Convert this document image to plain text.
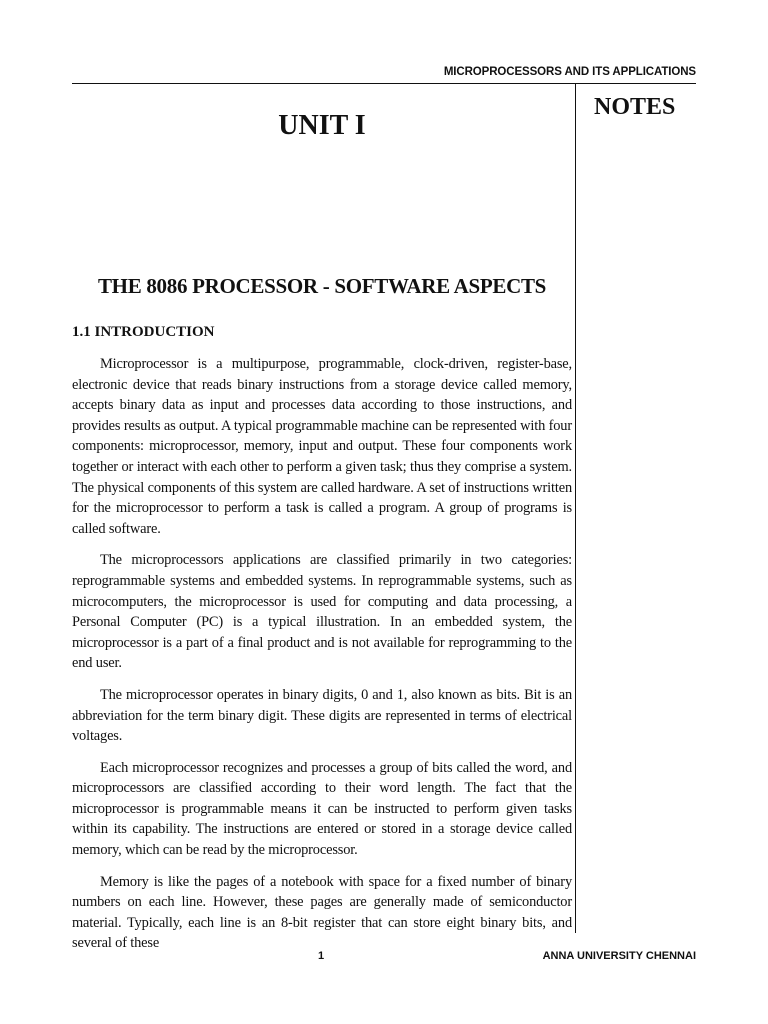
MICROPROCESSORS AND ITS APPLICATIONS
NOTES
UNIT I
THE 8086 PROCESSOR - SOFTWARE ASPECTS
1.1 INTRODUCTION

Microprocessor is a multipurpose, programmable, clock-driven, register-base, electronic device that reads binary instructions from a storage device called memory, accepts binary data as input and processes data according to those instructions, and provides results as output. A typical programmable machine can be represented with four components: microprocessor, memory, input and output. These four components work together or interact with each other to perform a given task; thus they comprise a system. The physical components of this system are called hardware. A set of instructions written for the microprocessor to perform a task is called a program. A group of programs is called software.

The microprocessors applications are classified primarily in two categories: reprogrammable systems and embedded systems. In reprogrammable systems, such as microcomputers, the microprocessor is used for computing and data processing, a Personal Computer (PC) is a typical illustration. In an embedded system, the microprocessor is a part of a final product and is not available for reprogramming to the end user.

The microprocessor operates in binary digits, 0 and 1, also known as bits. Bit is an abbreviation for the term binary digit. These digits are represented in terms of electrical voltages.

Each microprocessor recognizes and processes a group of bits called the word, and microprocessors are classified according to their word length. The fact that the microprocessor is programmable means it can be instructed to perform given tasks within its capability. The instructions are entered or stored in a storage device called memory, which can be read by the microprocessor.

Memory is like the pages of a notebook with space for a fixed number of binary numbers on each line. However, these pages are generally made of semiconductor material. Typically, each line is an 8-bit register that can store eight binary bits, and several of these

1	ANNA UNIVERSITY CHENNAI
